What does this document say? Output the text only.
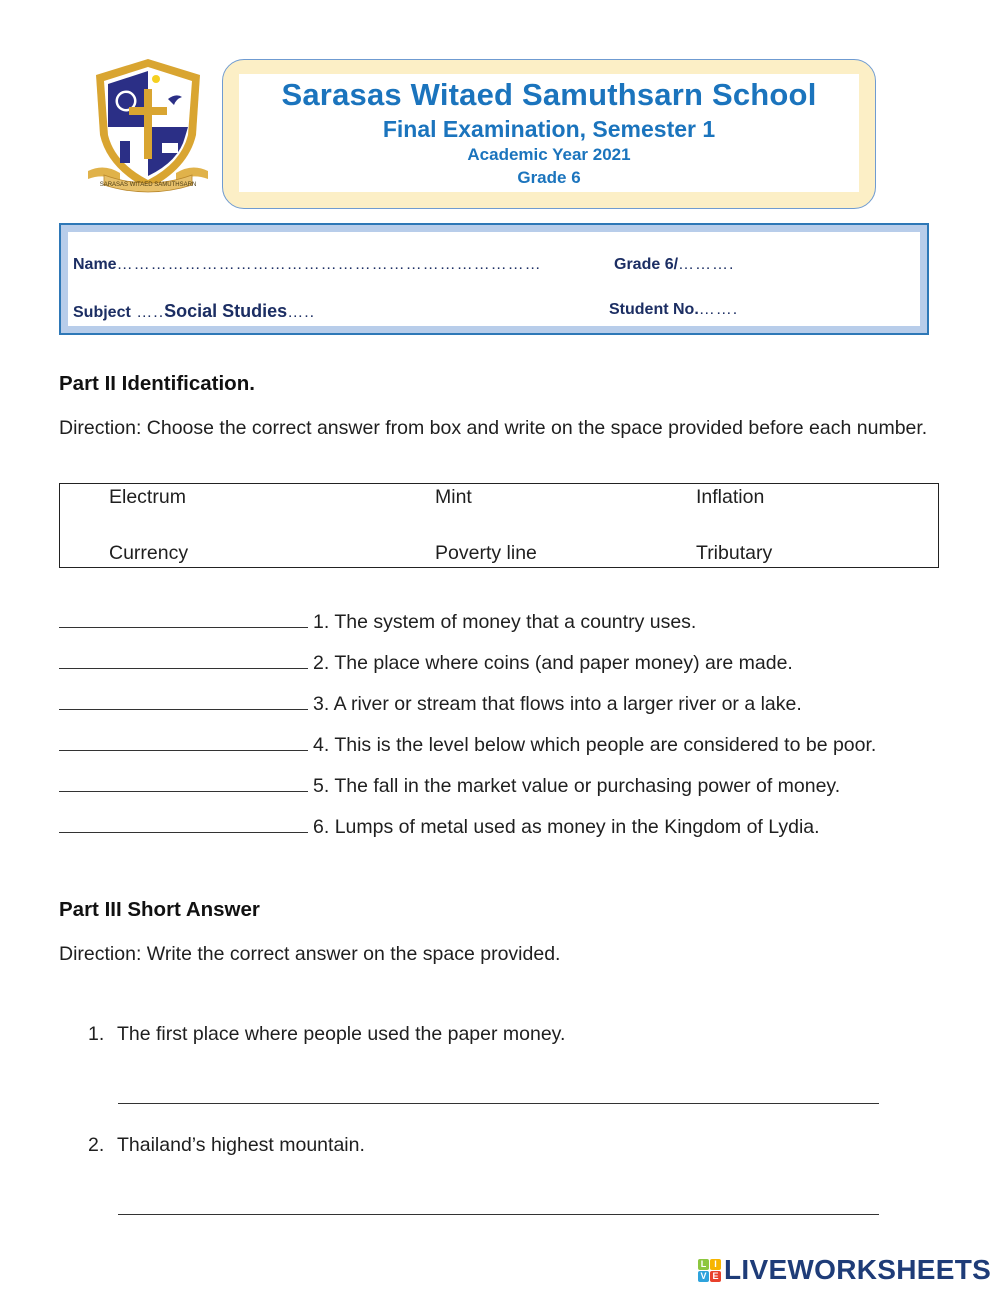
SARASAS WITAED SAMUTHSARN
Sarasas Witaed Samuthsarn School
Final Examination, Semester 1
Academic Year 2021
Grade 6
Name…………………………………………………………………	Grade 6/……….
Subject …..Social Studies…..	Student No.…….
Part II Identification.
Direction: Choose the correct answer from box and write on the space provided before each number.
Electrum	Mint	Inflation
Currency	Poverty line	Tributary
1. The system of money that a country uses.
2. The place where coins (and paper money) are made.
3. A river or stream that flows into a larger river or a lake.
4. This is the level below which people are considered to be poor.
5. The fall in the market value or purchasing power of money.
6. Lumps of metal used as money in the Kingdom of Lydia.
Part III Short Answer
Direction: Write the correct answer on the space provided.
1. The first place where people used the paper money.
2. Thailand’s highest mountain.
L I
V E LIVEWORKSHEETS
